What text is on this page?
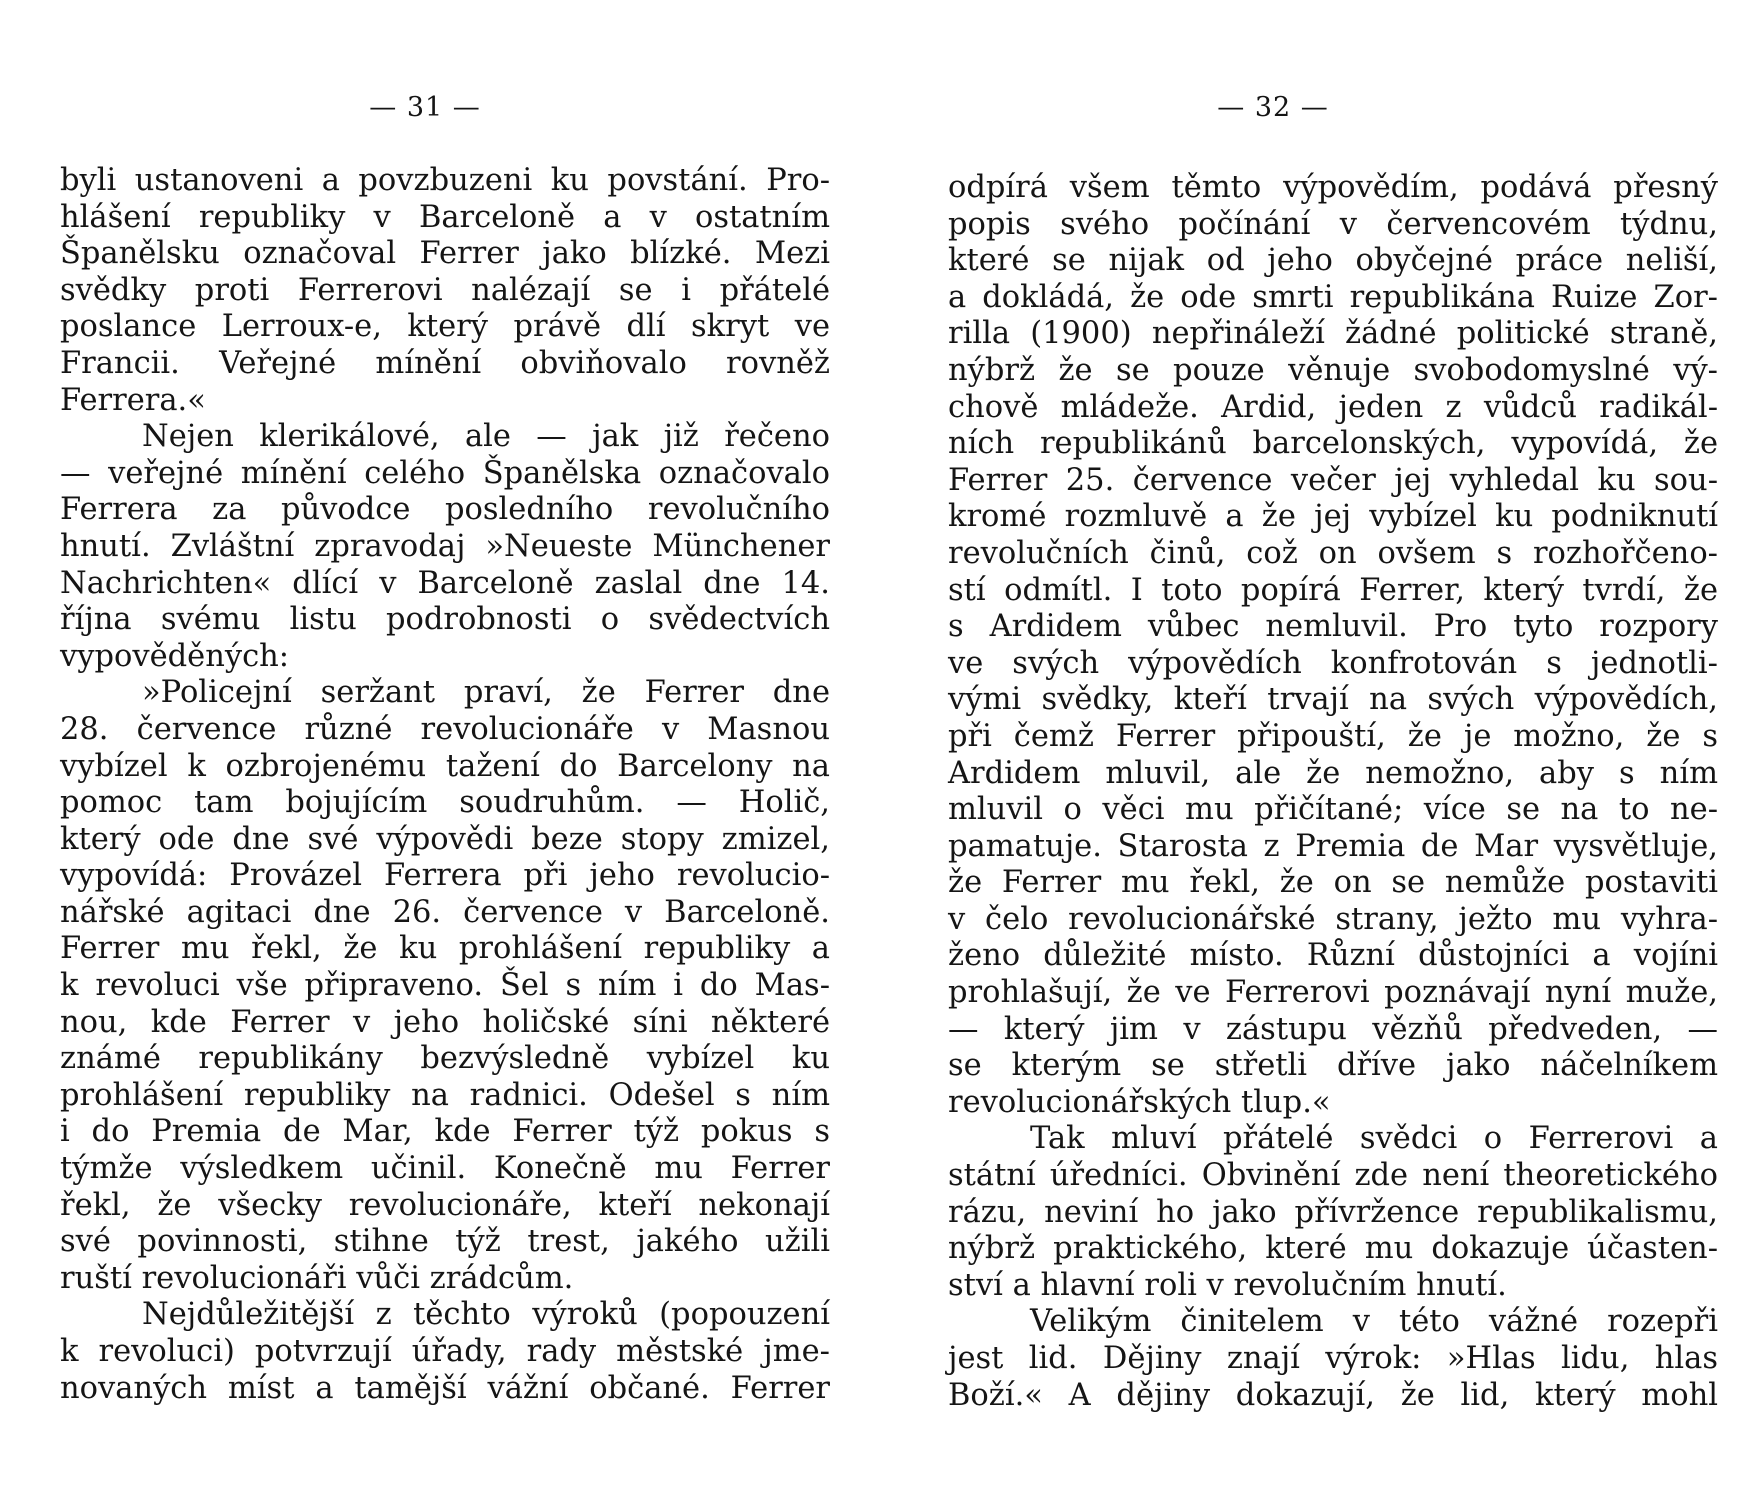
— 31 —
byli ustanoveni a povzbuzeni ku povstání. Pro-
hlášení republiky v Barceloně a v ostatním
Španělsku označoval Ferrer jako blízké. Mezi
svědky proti Ferrerovi nalézají se i přátelé
poslance Lerroux-e, který právě dlí skryt ve
Francii. Veřejné mínění obviňovalo rovněž
Ferrera.«
Nejen klerikálové, ale — jak již řečeno
— veřejné mínění celého Španělska označovalo
Ferrera za původce posledního revolučního
hnutí. Zvláštní zpravodaj »Neueste Münchener
Nachrichten« dlící v Barceloně zaslal dne 14.
října svému listu podrobnosti o svědectvích
vypověděných:
»Policejní seržant praví, že Ferrer dne
28. července různé revolucionáře v Masnou
vybízel k ozbrojenému tažení do Barcelony na
pomoc tam bojujícím soudruhům. — Holič,
který ode dne své výpovědi beze stopy zmizel,
vypovídá: Provázel Ferrera při jeho revolucio-
nářské agitaci dne 26. července v Barceloně.
Ferrer mu řekl, že ku prohlášení republiky a
k revoluci vše připraveno. Šel s ním i do Mas-
nou, kde Ferrer v jeho holičské síni některé
známé republikány bezvýsledně vybízel ku
prohlášení republiky na radnici. Odešel s ním
i do Premia de Mar, kde Ferrer týž pokus s
týmže výsledkem učinil. Konečně mu Ferrer
řekl, že všecky revolucionáře, kteří nekonají
své povinnosti, stihne týž trest, jakého užili
ruští revolucionáři vůči zrádcům.
Nejdůležitější z těchto výroků (popouzení
k revoluci) potvrzují úřady, rady městské jme-
novaných míst a tamější vážní občané. Ferrer
— 32 —
odpírá všem těmto výpovědím, podává přesný
popis svého počínání v červencovém týdnu,
které se nijak od jeho obyčejné práce neliší,
a dokládá, že ode smrti republikána Ruize Zor-
rilla (1900) nepřináleží žádné politické straně,
nýbrž že se pouze věnuje svobodomyslné vý-
chově mládeže. Ardid, jeden z vůdců radikál-
ních republikánů barcelonských, vypovídá, že
Ferrer 25. července večer jej vyhledal ku sou-
kromé rozmluvě a že jej vybízel ku podniknutí
revolučních činů, což on ovšem s rozhořčeno-
stí odmítl. I toto popírá Ferrer, který tvrdí, že
s Ardidem vůbec nemluvil. Pro tyto rozpory
ve svých výpovědích konfrotován s jednotli-
vými svědky, kteří trvají na svých výpovědích,
při čemž Ferrer připouští, že je možno, že s
Ardidem mluvil, ale že nemožno, aby s ním
mluvil o věci mu přičítané; více se na to ne-
pamatuje. Starosta z Premia de Mar vysvětluje,
že Ferrer mu řekl, že on se nemůže postaviti
v čelo revolucionářské strany, ježto mu vyhra-
ženo důležité místo. Různí důstojníci a vojíni
prohlašují, že ve Ferrerovi poznávají nyní muže,
— který jim v zástupu vězňů předveden, —
se kterým se střetli dříve jako náčelníkem
revolucionářských tlup.«
Tak mluví přátelé svědci o Ferrerovi a
státní úředníci. Obvinění zde není theoretického
rázu, neviní ho jako přívržence republikalismu,
nýbrž praktického, které mu dokazuje účasten-
ství a hlavní roli v revolučním hnutí.
Velikým činitelem v této vážné rozepři
jest lid. Dějiny znají výrok: »Hlas lidu, hlas
Boží.« A dějiny dokazují, že lid, který mohl
